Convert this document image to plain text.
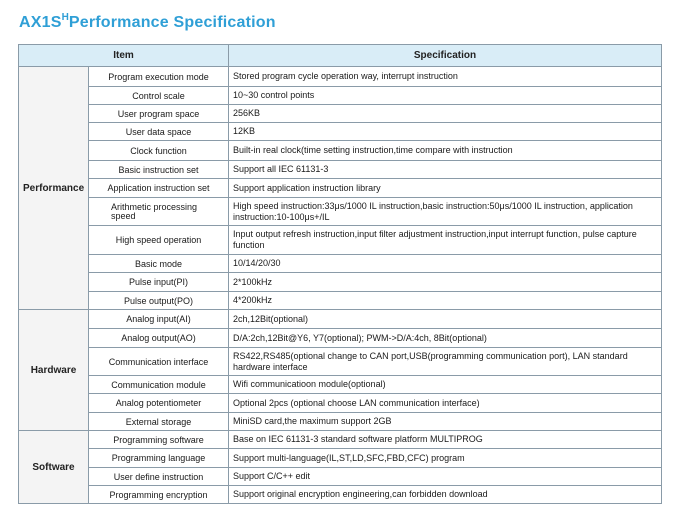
$AX1S^HPerformance$ Specification
Item		Specification
Performance	Program execution mode	Stored program cycle operation way, interrupt instruction
	Control scale	10~30 control points
	User program space	256KB
	User data space	12KB
	Clock function	Built-in real clock(time setting instruction,time compare with instruction
	Basic instruction set	Support all IEC 61131-3
	Application instruction set	Support application instruction library
	Arithmetic processing speed	High speed instruction:33μs/1000 IL instruction,basic instruction:50μs/1000 IL instruction, application instruction:10-100μs+/IL
	High speed operation	Input output refresh instruction,input filter adjustment instruction,input interrupt function, pulse capture function
	Basic mode	10/14/20/30
	Pulse input(PI)	2*100kHz
	Pulse output(PO)	4*200kHz
Hardware	Analog input(AI)	2ch,12Bit(optional)
	Analog output(AO)	D/A:2ch,12Bit@Y6, Y7(optional); PWM->D/A:4ch, 8Bit(optional)
	Communication interface	RS422,RS485(optional change to CAN port,USB(programming communication port), LAN standard hardware interface
	Communication module	Wifi communicatioon module(optional)
	Analog potentiometer	Optional 2pcs (optional choose LAN communication interface)
	External storage	MiniSD card,the maximum support 2GB
Software	Programming software	Base on IEC 61131-3 standard software platform MULTIPROG
	Programming language	Support multi-language(IL,ST,LD,SFC,FBD,CFC) program
	User define instruction	Support C/C++ edit
	Programming encryption	Support original encryption engineering,can forbidden download
